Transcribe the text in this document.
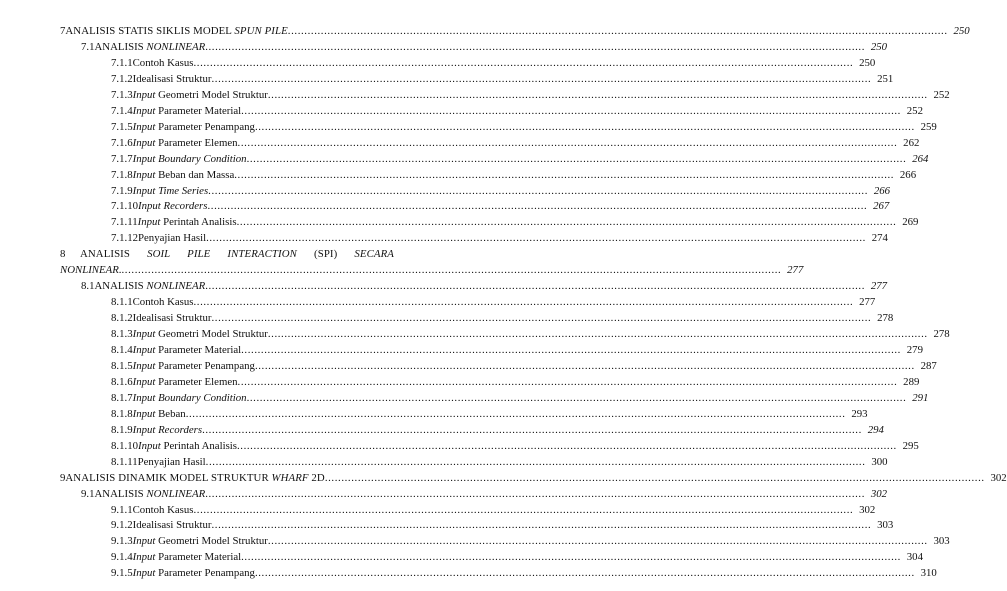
7 ANALISIS STATIS SIKLIS MODEL SPUN PILE ........................................................................................................................................................................................................ 250
7.1 ANALISIS NONLINEAR ........................................................................................................................................................................................................ 250
7.1.1 Contoh Kasus ........................................................................................................................................................................................................ 250
7.1.2 Idealisasi Struktur ........................................................................................................................................................................................................ 251
7.1.3 Input Geometri Model Struktur ........................................................................................................................................................................................................ 252
7.1.4 Input Parameter Material ........................................................................................................................................................................................................ 252
7.1.5 Input Parameter Penampang ........................................................................................................................................................................................................ 259
7.1.6 Input Parameter Elemen ........................................................................................................................................................................................................ 262
7.1.7 Input Boundary Condition ........................................................................................................................................................................................................ 264
7.1.8 Input Beban dan Massa ........................................................................................................................................................................................................ 266
7.1.9 Input Time Series ........................................................................................................................................................................................................ 266
7.1.10 Input Recorders ........................................................................................................................................................................................................ 267
7.1.11 Input Perintah Analisis ........................................................................................................................................................................................................ 269
7.1.12 Penyajian Hasil ........................................................................................................................................................................................................ 274
8	ANALISIS SOIL PILE INTERACTION (SPI) SECARA
NONLINEAR. ........................................................................................................................................................................................................ 277
8.1 ANALISIS NONLINEAR ........................................................................................................................................................................................................ 277
8.1.1 Contoh Kasus ........................................................................................................................................................................................................ 277
8.1.2 Idealisasi Struktur ........................................................................................................................................................................................................ 278
8.1.3 Input Geometri Model Struktur ........................................................................................................................................................................................................ 278
8.1.4 Input Parameter Material ........................................................................................................................................................................................................ 279
8.1.5 Input Parameter Penampang ........................................................................................................................................................................................................ 287
8.1.6 Input Parameter Elemen ........................................................................................................................................................................................................ 289
8.1.7 Input Boundary Condition ........................................................................................................................................................................................................ 291
8.1.8 Input Beban ........................................................................................................................................................................................................ 293
8.1.9 Input Recorders ........................................................................................................................................................................................................ 294
8.1.10 Input Perintah Analisis ........................................................................................................................................................................................................ 295
8.1.11 Penyajian Hasil ........................................................................................................................................................................................................ 300
9 ANALISIS DINAMIK MODEL STRUKTUR WHARF 2D ........................................................................................................................................................................................................ 302
9.1 ANALISIS NONLINEAR ........................................................................................................................................................................................................ 302
9.1.1 Contoh Kasus ........................................................................................................................................................................................................ 302
9.1.2 Idealisasi Struktur ........................................................................................................................................................................................................ 303
9.1.3 Input Geometri Model Struktur ........................................................................................................................................................................................................ 303
9.1.4 Input Parameter Material ........................................................................................................................................................................................................ 304
9.1.5 Input Parameter Penampang ........................................................................................................................................................................................................ 310
